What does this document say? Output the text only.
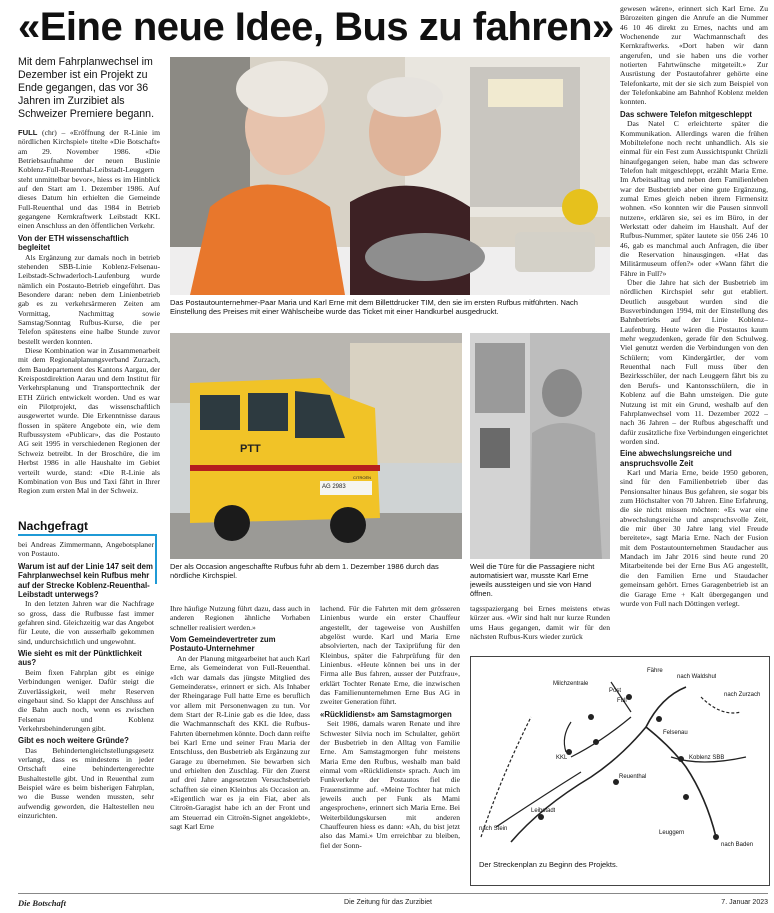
«Eine neue Idee, Bus zu fahren»
Mit dem Fahrplanwechsel im Dezember ist ein Projekt zu Ende gegangen, das vor 36 Jahren im Zurzibiet als Schweizer Premiere begann.

FULL (chr) – «Eröffnung der R-Linie im nördlichen Kirchspiel» titelte «Die Botschaft» am 29. November 1986. «Die Betriebsaufnahme der neuen Buslinie Koblenz-Full-Reuenthal-Leibstadt-Leuggern steht unmittelbar bevor», hiess es im Hinblick auf den Start am 1. Dezember 1986. Auf dieses Datum hin erhielten die Gemeinde Full-Reuenthal und das 1984 in Betrieb gegangene Kernkraftwerk Leibstadt KKL einen Anschluss an den öffentlichen Verkehr.

Von der ETH wissenschaftlich begleitet

Als Ergänzung zur damals noch in betrieb stehenden SBB-Linie Koblenz-Felsenau-Leibstadt-Schwaderloch-Laufenburg wurde nämlich ein Postauto-Betrieb eingeführt. Das Besondere daran: neben dem Linienbetrieb gab es zu verkehrsärmeren Zeiten am Vormittag, Nachmittag sowie Samstag/Sonntag Rufbus-Kurse, die per Telefon spätestens eine halbe Stunde zuvor bestellt werden konnten.

Diese Kombination war in Zusammenarbeit mit dem Regionalplanungsverband Zurzach, dem Baudepartement des Kantons Aargau, der Kreispostdirektion Aarau und dem Institut für Verkehrsplanung und Transporttechnik der ETH Zürich entwickelt worden. Und es war ein Pilotprojekt, das wissenschaftlich ausgewertet wurde. Die Erkenntnisse daraus flossen in spätere Angebote ein, wie dem Rufbussystem «Publicar», das die Postauto AG seit 1995 in verschiedenen Regionen der Schweiz betreibt. In der Broschüre, die im Herbst 1986 in alle Haushalte im Gebiet verteilt wurde, stand: «Die R-Linie als Kombination von Bus und Taxi fährt in Ihrer Region zum ersten Mal in der Schweiz.

Nachgefragt

bei Andreas Zimmermann, Angebotsplaner von Postauto.

Warum ist auf der Linie 147 seit dem Fahrplanwechsel kein Rufbus mehr auf der Strecke Koblenz-Reuenthal-Leibstadt unterwegs?

In den letzten Jahren war die Nachfrage so gross, dass die Rufbusse fast immer gefahren sind. Gleichzeitig war das Angebot für Leute, die von ausserhalb gekommen sind, undurchsichtlich und ungewohnt.

Wie sieht es mit der Pünktlichkeit aus?

Beim fixen Fahrplan gibt es einige Verbindungen weniger. Dafür steigt die Zuverlässigkeit, weil mehr Reserven eingebaut sind. So klappt der Anschluss auf die Bahn auch noch, wenn es zwischen Felsenau und Koblenz Verkehrsbehinderungen gibt.

Gibt es noch weitere Gründe?

Das Behindertengleichstellungsgesetz verlangt, dass es mindestens in jeder Ortschaft eine behindertengerechte Bushaltestelle gibt. Und in Reuenthal zum Beispiel wäre es beim bisherigen Fahrplan, wo die Busse wenden mussten, sehr aufwendig geworden, die Haltestellen neu einzurichten.

Das Postautounternehmer-Paar Maria und Karl Erne mit dem Billettdrucker TIM, den sie im ersten Rufbus mitführten. Nach Einstellung des Preises mit einer Wählscheibe wurde das Ticket mit einer Handkurbel ausgedruckt.
PTT
AG 2983
CITROËN
Der als Occasion angeschaffte Rufbus fuhr ab dem 1. Dezember 1986 durch das nördliche Kirchspiel.
Weil die Türe für die Passagiere nicht automatisiert war, musste Karl Erne jeweils aussteigen und sie von Hand öffnen.

Ihre häufige Nutzung führt dazu, dass auch in anderen Regionen ähnliche Vorhaben schneller realisiert werden.»

Vom Gemeindevertreter zum Postauto-Unternehmer

An der Planung mitgearbeitet hat auch Karl Erne, als Gemeinderat von Full-Reuenthal. «Ich war damals das jüngste Mitglied des Gemeinderats», erinnert er sich. Als Inhaber der Rheingarage Full hatte Erne es beruflich vor allem mit Personenwagen zu tun. Vor dem Start der R-Linie gab es die Idee, dass die Wachmannschaft des KKL die Rufbus-Fahrten übernehmen könnte. Doch dann reifte bei Karl Erne und seiner Frau Maria der Entschluss, den Busbetrieb als Ergänzung zur Garage zu übernehmen. Sie bewarben sich und erhielten den Zuschlag. Für den Zuerst auf drei Jahre angesetzten Versuchsbetrieb schafften sie einen Kleinbus als Occasion an. «Eigentlich war es ja ein Fiat, aber als Citroën-Garagist habe ich an der Front und am Steuerrad ein Citroën-Signet angeklebt», sagt Karl Erne

lachend. Für die Fahrten mit dem grösseren Linienbus wurde ein erster Chauffeur angestellt, der tageweise von Aushilfen abgelöst wurde. Karl und Maria Erne absolvierten, nach der Taxiprüfung für den Kleinbus, später die Fahrprüfung für den Linienbus. «Heute können bei uns in der Firma alle Bus fahren, ausser der Putzfrau», erklärt Tochter Renate Erne, die inzwischen das Familienunternehmen Erne Bus AG in zweiter Generation führt.

«Rücklidienst» am Samstagmorgen

Seit 1986, damals waren Renate und ihre Schwester Silvia noch im Schulalter, gehört der Busbetrieb in den Alltag von Familie Erne. Am Samstagmorgen fuhr meistens Maria Erne den Rufbus, weshalb man bald einmal vom «Rücklidienst» sprach. Auch im Funkverkehr der Postautos fiel die Frauenstimme auf. «Meine Tochter hat mich jeweils auch per Funk als Mami angesprochen», erinnert sich Maria Erne. Bei Weiterbildungskursen mit anderen Chauffeuren hiess es dann: «Ah, du bist jetzt also das Mami.» Um erreichbar zu bleiben, fiel der Sonn-

tagsspaziergang bei Ernes meistens etwas kürzer aus. «Wir sind halt nur kurze Runden ums Haus gegangen, damit wir für den nächsten Rufbus-Kurs wieder zurück

Milchzentrale
Post
Fähre
nach Waldshut
Full
nach Zurzach
Felsenau
KKL
Reuenthal
Koblenz SBB
nach Stein
Leibstadt
Leuggern
nach Baden
Der Streckenplan zu Beginn des Projekts.

gewesen wären», erinnert sich Karl Erne. Zu Bürozeiten gingen die Anrufe an die Nummer 46 10 46 direkt zu Ernes, nachts und am Wochenende zur Wachmannschaft des Kernkraftwerks. «Dort haben wir dann angerufen, und sie haben uns die vorher notierten Fahrtwünsche mitgeteilt.» Zur Ausrüstung der Postautofahrer gehörte eine Telefonkarte, mit der sie sich zum Beispiel von der Telefonkabine am Bahnhof Koblenz melden konnten.

Das schwere Telefon mitgeschleppt

Das Natel C erleichterte später die Kommunikation. Allerdings waren die frühen Mobiltelefone noch recht unhandlich. Als sie einmal für ein Fest zum Aussichtspunkt Chrüzli hinaufgegangen seien, habe man das schwere Telefon halt mitgeschleppt, erzählt Maria Erne. Im Arbeitsalltag und neben dem Familienleben war der Busbetrieb aber eine gute Ergänzung, zumal Ernes gleich neben ihrem Firmensitz wohnen. «So konnten wir die Pausen sinnvoll nutzen», erklären sie, sei es im Büro, in der Werkstatt oder daheim im Haushalt. Auf der Rufbus-Nummer, später lautete sie 056 246 10 46, gab es manchmal auch Anfragen, die über die Reservation hinausgingen. «Hat das Militärmuseum offen?» oder «Wann fährt die Fähre in Full?»

Über die Jahre hat sich der Busbetrieb im nördlichen Kirchspiel sehr gut etabliert. Deutlich ausgebaut wurden sind die Busverbindungen 1994, mit der Einstellung des Bahnbetriebs auf der Linie Koblenz–Laufenburg. Heute wären die Postautos kaum mehr wegzudenken, gerade für den Schulweg. Viel genutzt werden die Verbindungen von den Schülern; vom Kindergärtler, der vom Reuenthal nach Full muss über den Bezirksschüler, der nach Leuggern fährt bis zu den Berufs- und Kantonsschülern, die in Koblenz auf die Bahn umsteigen. Die gute Nutzung ist mit ein Grund, weshalb auf den Fahrplanwechsel vom 11. Dezember 2022 – nach 36 Jahren – der Rufbus abgeschafft und dafür zusätzliche fixe Verbindungen eingerichtet worden sind.

Eine abwechslungsreiche und anspruchsvolle Zeit

Karl und Maria Erne, beide 1950 geboren, sind für den Familienbetrieb über das Pensionsalter hinaus Bus gefahren, sie sogar bis zum Höchstalter von 70 Jahren. Eine Erfahrung, die sie nicht missen möchten: «Es war eine abwechslungsreiche und anspruchsvolle Zeit, die mir über 30 Jahre lang viel Freude bereitete», sagt Maria Erne. Nach der Fusion mit dem Postautounternehmen Staudacher aus Mandach im Jahr 2016 sind heute rund 20 Mitarbeitende bei der Erne Bus AG angestellt, die den Familien Erne und Staudacher gemeinsam gehört. Ernes Garagenbetrieb ist an die Garage Erne + Kalt übergegangen und wurde von Full nach Döttingen verlegt.

Die Botschaft	Die Zeitung für das Zurzibiet	7. Januar 2023
